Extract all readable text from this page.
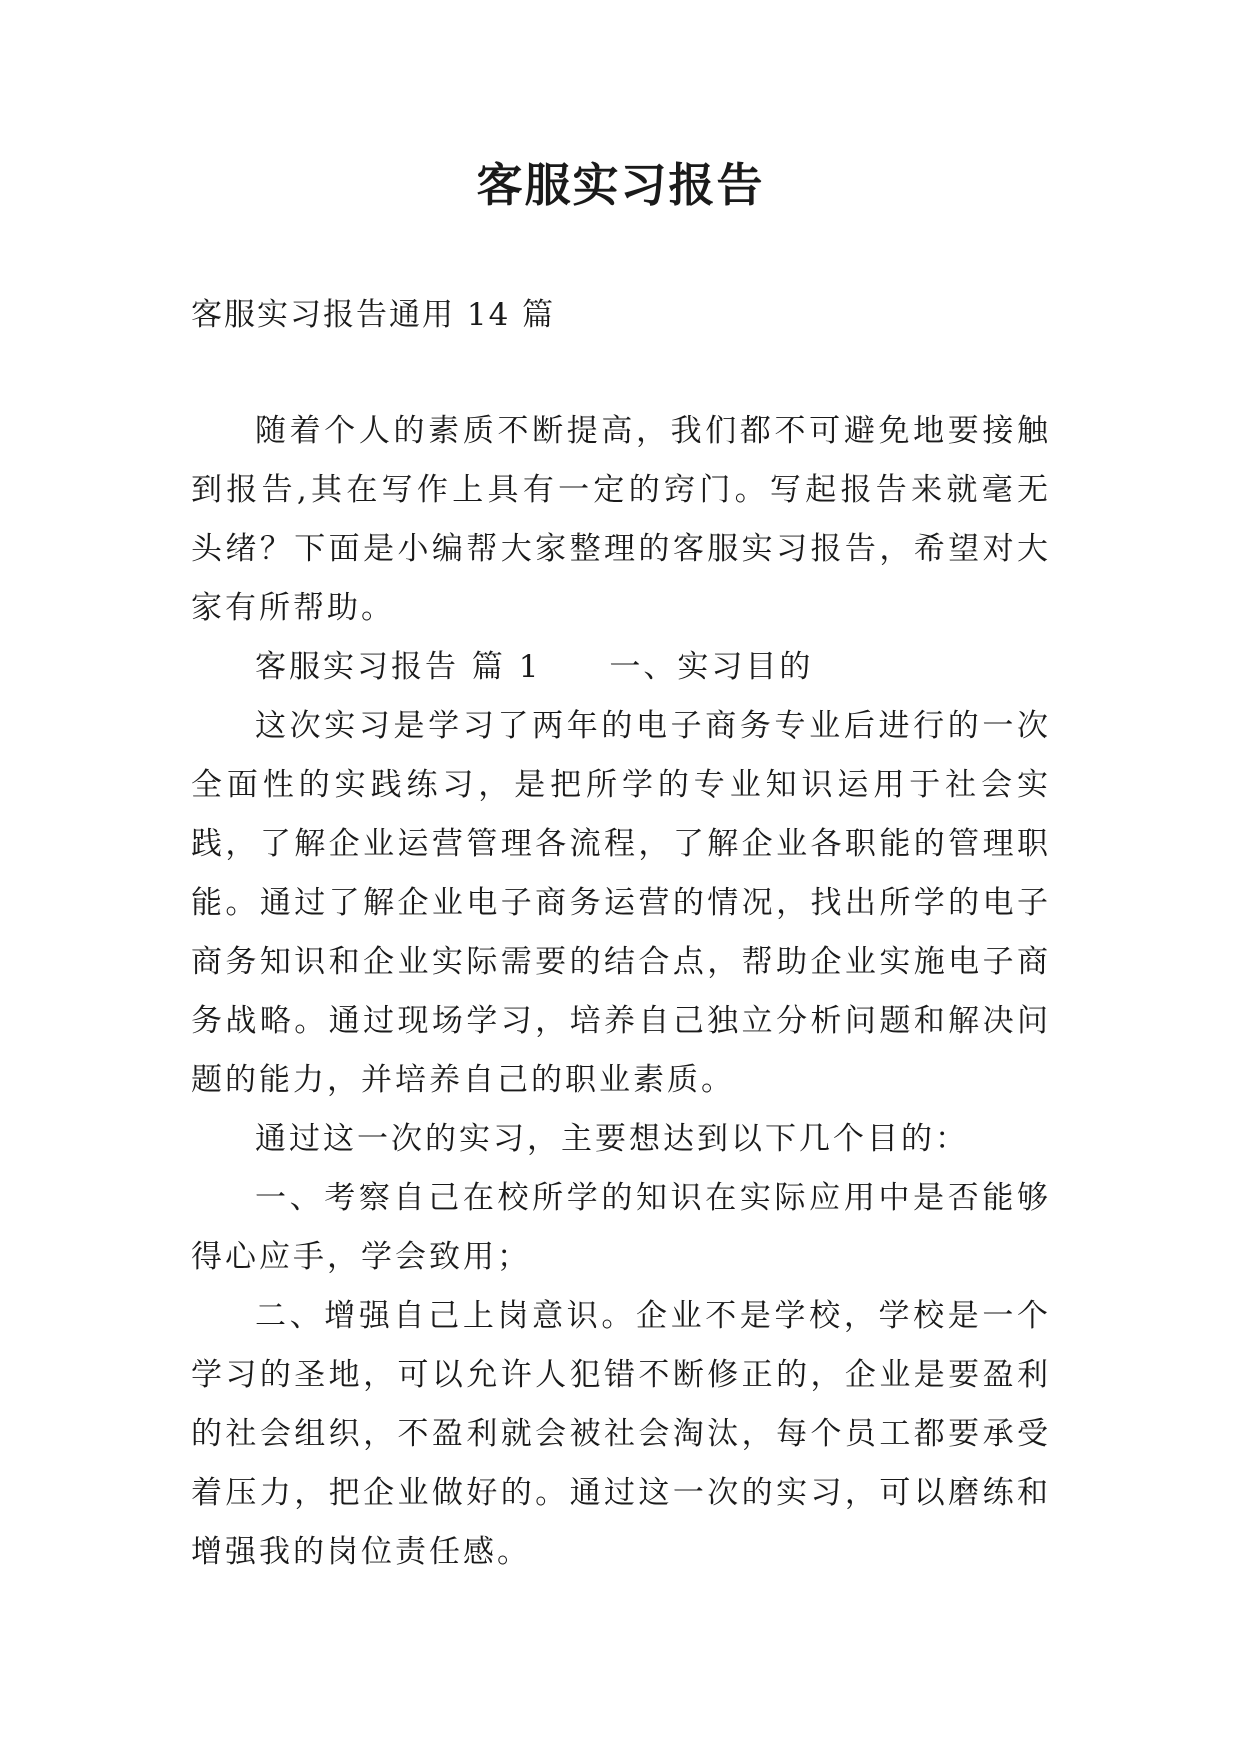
客服实习报告
客服实习报告通用 14 篇

随着个人的素质不断提高，我们都不可避免地要接触到报告,其在写作上具有一定的窍门。写起报告来就毫无头绪？下面是小编帮大家整理的客服实习报告，希望对大家有所帮助。

客服实习报告 篇 1　　一、实习目的

这次实习是学习了两年的电子商务专业后进行的一次全面性的实践练习，是把所学的专业知识运用于社会实践，了解企业运营管理各流程，了解企业各职能的管理职能。通过了解企业电子商务运营的情况，找出所学的电子商务知识和企业实际需要的结合点，帮助企业实施电子商务战略。通过现场学习，培养自己独立分析问题和解决问题的能力，并培养自己的职业素质。

通过这一次的实习，主要想达到以下几个目的：

一、考察自己在校所学的知识在实际应用中是否能够得心应手，学会致用；

二、增强自己上岗意识。企业不是学校，学校是一个学习的圣地，可以允许人犯错不断修正的，企业是要盈利的社会组织，不盈利就会被社会淘汰，每个员工都要承受着压力，把企业做好的。通过这一次的实习，可以磨练和增强我的岗位责任感。
